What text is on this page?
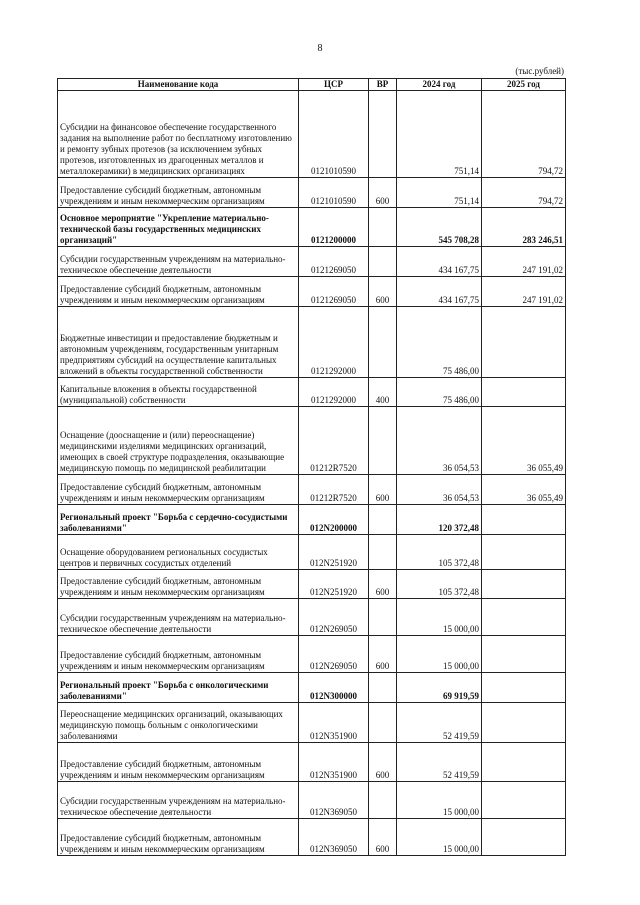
8
(тыс.рублей)
Наименование кода	ЦСР	ВР	2024 год	2025 год
Субсидии на финансовое обеспечение государственного задания на выполнение работ по бесплатному изготовлению и ремонту зубных протезов (за исключением зубных протезов, изготовленных из драгоценных металлов и металлокерамики) в медицинских организациях	0121010590		751,14	794,72
Предоставление субсидий бюджетным, автономным учреждениям и иным некоммерческим организациям	0121010590	600	751,14	794,72
Основное мероприятие "Укрепление материально-технической базы государственных медицинских организаций"	0121200000		545 708,28	283 246,51
Субсидии государственным учреждениям на материально-техническое обеспечение деятельности	0121269050		434 167,75	247 191,02
Предоставление субсидий бюджетным, автономным учреждениям и иным некоммерческим организациям	0121269050	600	434 167,75	247 191,02
Бюджетные инвестиции и предоставление бюджетным и автономным учреждениям, государственным унитарным предприятиям субсидий на осуществление капитальных вложений в объекты государственной собственности	0121292000		75 486,00	
Капитальные вложения в объекты государственной (муниципальной) собственности	0121292000	400	75 486,00	
Оснащение (дооснащение и (или) переоснащение) медицинскими изделиями медицинских организаций, имеющих в своей структуре подразделения, оказывающие медицинскую помощь по медицинской реабилитации	01212R7520		36 054,53	36 055,49
Предоставление субсидий бюджетным, автономным учреждениям и иным некоммерческим организациям	01212R7520	600	36 054,53	36 055,49
Региональный проект "Борьба с сердечно-сосудистыми заболеваниями"	012N200000		120 372,48	
Оснащение оборудованием региональных сосудистых центров и первичных сосудистых отделений	012N251920		105 372,48	
Предоставление субсидий бюджетным, автономным учреждениям и иным некоммерческим организациям	012N251920	600	105 372,48	
Субсидии государственным учреждениям на материально-техническое обеспечение деятельности	012N269050		15 000,00	
Предоставление субсидий бюджетным, автономным учреждениям и иным некоммерческим организациям	012N269050	600	15 000,00	
Региональный проект "Борьба с онкологическими заболеваниями"	012N300000		69 919,59	
Переоснащение медицинских организаций, оказывающих медицинскую помощь больным с онкологическими заболеваниями	012N351900		52 419,59	
Предоставление субсидий бюджетным, автономным учреждениям и иным некоммерческим организациям	012N351900	600	52 419,59	
Субсидии государственным учреждениям на материально-техническое обеспечение деятельности	012N369050		15 000,00	
Предоставление субсидий бюджетным, автономным учреждениям и иным некоммерческим организациям	012N369050	600	15 000,00	
